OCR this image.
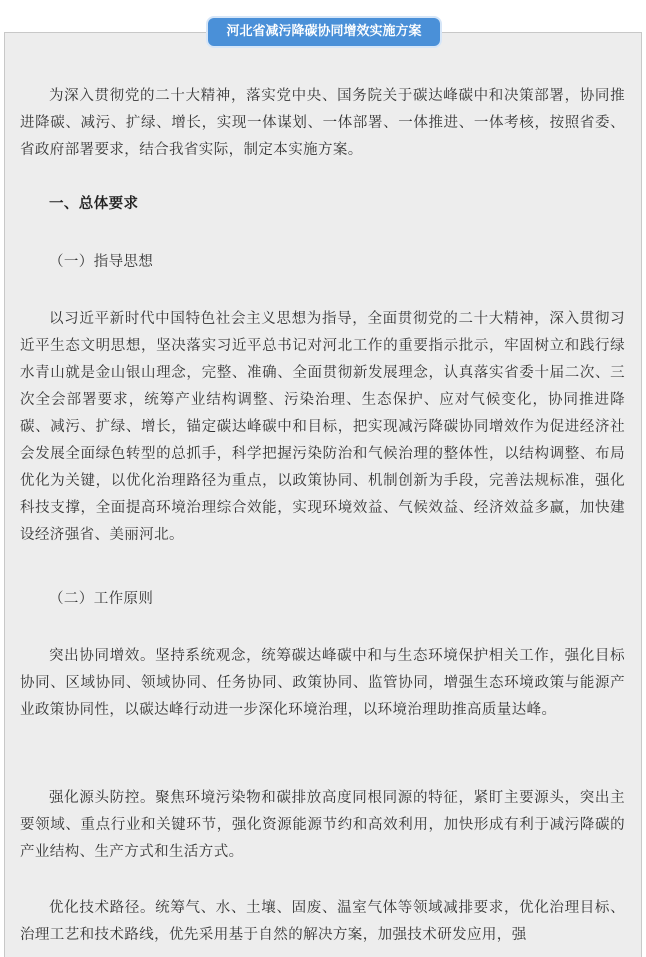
河北省减污降碳协同增效实施方案

为深入贯彻党的二十大精神，落实党中央、国务院关于碳达峰碳中和决策部署，协同推进降碳、减污、扩绿、增长，实现一体谋划、一体部署、一体推进、一体考核，按照省委、省政府部署要求，结合我省实际，制定本实施方案。

一、总体要求

（一）指导思想

以习近平新时代中国特色社会主义思想为指导，全面贯彻党的二十大精神，深入贯彻习近平生态文明思想，坚决落实习近平总书记对河北工作的重要指示批示，牢固树立和践行绿水青山就是金山银山理念，完整、准确、全面贯彻新发展理念，认真落实省委十届二次、三次全会部署要求，统筹产业结构调整、污染治理、生态保护、应对气候变化，协同推进降碳、减污、扩绿、增长，锚定碳达峰碳中和目标，把实现减污降碳协同增效作为促进经济社会发展全面绿色转型的总抓手，科学把握污染防治和气候治理的整体性，以结构调整、布局优化为关键，以优化治理路径为重点，以政策协同、机制创新为手段，完善法规标准，强化科技支撑，全面提高环境治理综合效能，实现环境效益、气候效益、经济效益多赢，加快建设经济强省、美丽河北。

（二）工作原则

突出协同增效。坚持系统观念，统筹碳达峰碳中和与生态环境保护相关工作，强化目标协同、区域协同、领域协同、任务协同、政策协同、监管协同，增强生态环境政策与能源产业政策协同性，以碳达峰行动进一步深化环境治理，以环境治理助推高质量达峰。

强化源头防控。聚焦环境污染物和碳排放高度同根同源的特征，紧盯主要源头，突出主要领域、重点行业和关键环节，强化资源能源节约和高效利用，加快形成有利于减污降碳的产业结构、生产方式和生活方式。

优化技术路径。统筹气、水、土壤、固废、温室气体等领域减排要求，优化治理目标、治理工艺和技术路线，优先采用基于自然的解决方案，加强技术研发应用，强
